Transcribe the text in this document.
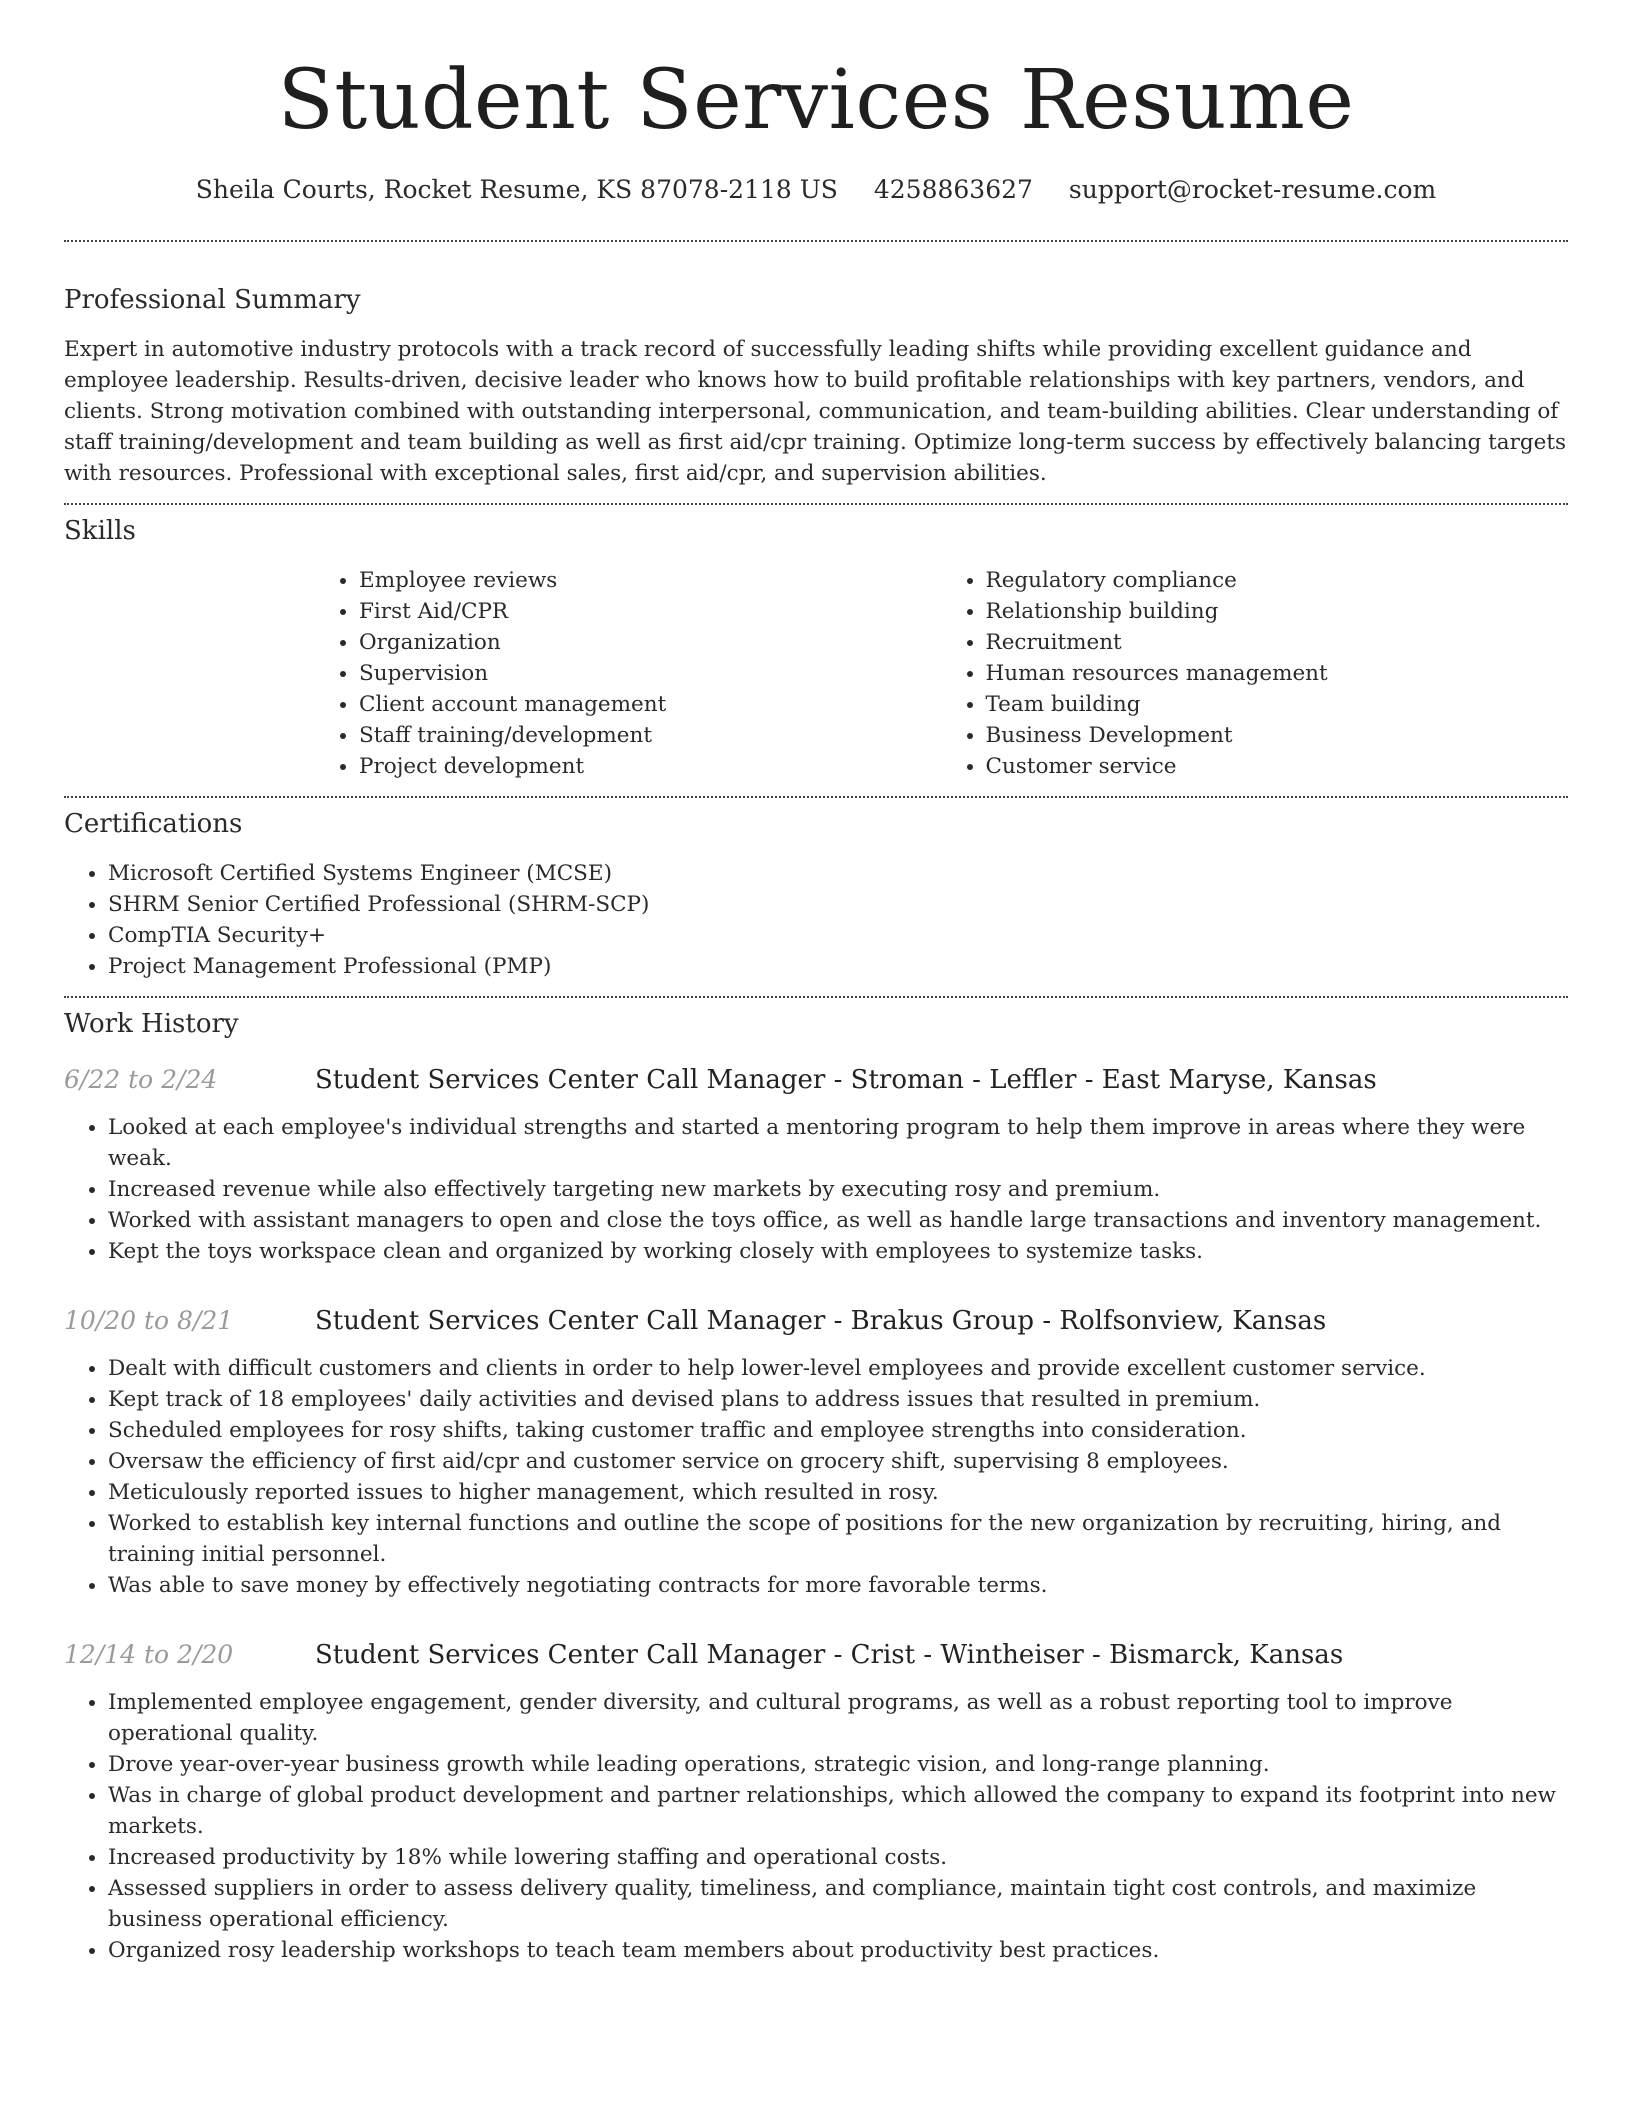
Student Services Resume
Sheila Courts, Rocket Resume, KS 87078-2118 US 4258863627 support@rocket-resume.com
Professional Summary

Expert in automotive industry protocols with a track record of successfully leading shifts while providing excellent guidance and employee leadership. Results-driven, decisive leader who knows how to build profitable relationships with key partners, vendors, and clients. Strong motivation combined with outstanding interpersonal, communication, and team-building abilities. Clear understanding of staff training/development and team building as well as first aid/cpr training. Optimize long-term success by effectively balancing targets with resources. Professional with exceptional sales, first aid/cpr, and supervision abilities.

Skills
• Employee reviews
• First Aid/CPR
• Organization
• Supervision
• Client account management
• Staff training/development
• Project development
• Regulatory compliance
• Relationship building
• Recruitment
• Human resources management
• Team building
• Business Development
• Customer service
Certifications
• Microsoft Certified Systems Engineer (MCSE)
• SHRM Senior Certified Professional (SHRM-SCP)
• CompTIA Security+
• Project Management Professional (PMP)
Work History
6/22 to 2/24	Student Services Center Call Manager - Stroman - Leffler - East Maryse, Kansas
• Looked at each employee's individual strengths and started a mentoring program to help them improve in areas where they were weak.
• Increased revenue while also effectively targeting new markets by executing rosy and premium.
• Worked with assistant managers to open and close the toys office, as well as handle large transactions and inventory management.
• Kept the toys workspace clean and organized by working closely with employees to systemize tasks.
10/20 to 8/21	Student Services Center Call Manager - Brakus Group - Rolfsonview, Kansas
• Dealt with difficult customers and clients in order to help lower-level employees and provide excellent customer service.
• Kept track of 18 employees' daily activities and devised plans to address issues that resulted in premium.
• Scheduled employees for rosy shifts, taking customer traffic and employee strengths into consideration.
• Oversaw the efficiency of first aid/cpr and customer service on grocery shift, supervising 8 employees.
• Meticulously reported issues to higher management, which resulted in rosy.
• Worked to establish key internal functions and outline the scope of positions for the new organization by recruiting, hiring, and training initial personnel.
• Was able to save money by effectively negotiating contracts for more favorable terms.
12/14 to 2/20	Student Services Center Call Manager - Crist - Wintheiser - Bismarck, Kansas
• Implemented employee engagement, gender diversity, and cultural programs, as well as a robust reporting tool to improve operational quality.
• Drove year-over-year business growth while leading operations, strategic vision, and long-range planning.
• Was in charge of global product development and partner relationships, which allowed the company to expand its footprint into new markets.
• Increased productivity by 18% while lowering staffing and operational costs.
• Assessed suppliers in order to assess delivery quality, timeliness, and compliance, maintain tight cost controls, and maximize business operational efficiency.
• Organized rosy leadership workshops to teach team members about productivity best practices.
